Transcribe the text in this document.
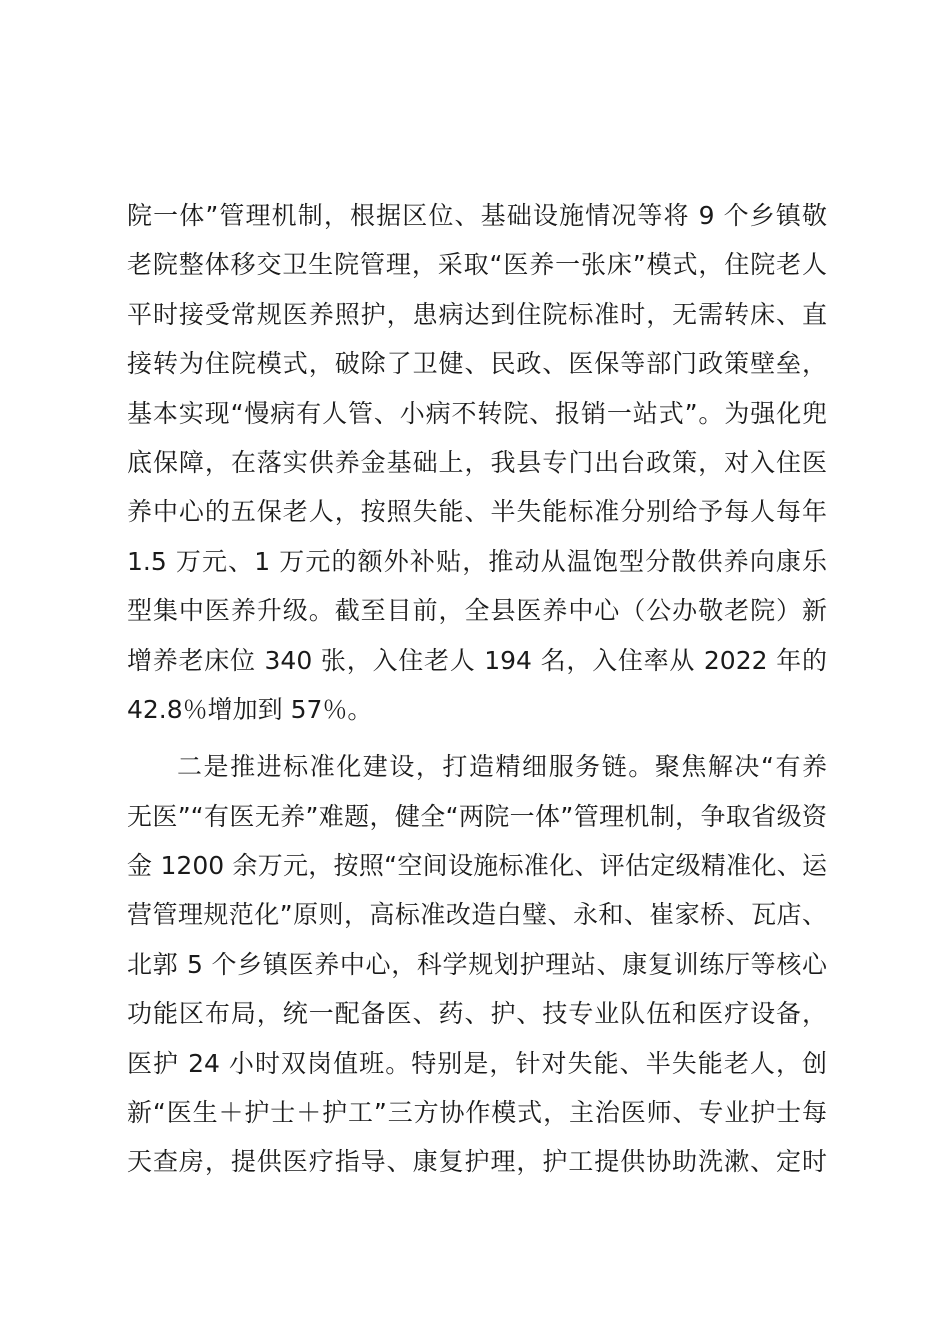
院一体”管理机制，根据区位、基础设施情况等将 9 个乡镇敬
老院整体移交卫生院管理，采取“医养一张床”模式，住院老人
平时接受常规医养照护，患病达到住院标准时，无需转床、直
接转为住院模式，破除了卫健、民政、医保等部门政策壁垒，
基本实现“慢病有人管、小病不转院、报销一站式”。为强化兜
底保障，在落实供养金基础上，我县专门出台政策，对入住医
养中心的五保老人，按照失能、半失能标准分别给予每人每年
1.5 万元、1 万元的额外补贴，推动从温饱型分散供养向康乐
型集中医养升级。截至目前，全县医养中心（公办敬老院）新
增养老床位 340 张，入住老人 194 名，入住率从 2022 年的
42.8％增加到 57％。
二是推进标准化建设，打造精细服务链。聚焦解决“有养
无医”“有医无养”难题，健全“两院一体”管理机制，争取省级资
金 1200 余万元，按照“空间设施标准化、评估定级精准化、运
营管理规范化”原则，高标准改造白璧、永和、崔家桥、瓦店、
北郭 5 个乡镇医养中心，科学规划护理站、康复训练厅等核心
功能区布局，统一配备医、药、护、技专业队伍和医疗设备，
医护 24 小时双岗值班。特别是，针对失能、半失能老人，创
新“医生＋护士＋护工”三方协作模式，主治医师、专业护士每
天查房，提供医疗指导、康复护理，护工提供协助洗漱、定时
